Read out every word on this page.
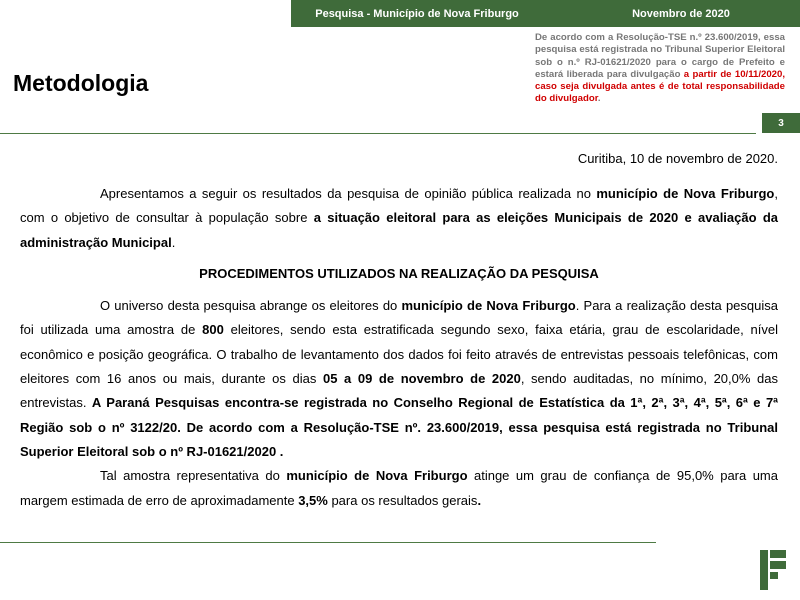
Pesquisa - Município de Nova Friburgo	Novembro de 2020
Metodologia
De acordo com a Resolução-TSE n.º 23.600/2019, essa pesquisa está registrada no Tribunal Superior Eleitoral sob o n.º RJ-01621/2020 para o cargo de Prefeito e estará liberada para divulgação a partir de 10/11/2020, caso seja divulgada antes é de total responsabilidade do divulgador.
3
Curitiba, 10 de novembro de 2020.

Apresentamos a seguir os resultados da pesquisa de opinião pública realizada no município de Nova Friburgo, com o objetivo de consultar à população sobre a situação eleitoral para as eleições Municipais de 2020 e avaliação da administração Municipal.

PROCEDIMENTOS UTILIZADOS NA REALIZAÇÃO DA PESQUISA

O universo desta pesquisa abrange os eleitores do município de Nova Friburgo. Para a realização desta pesquisa foi utilizada uma amostra de 800 eleitores, sendo esta estratificada segundo sexo, faixa etária, grau de escolaridade, nível econômico e posição geográfica. O trabalho de levantamento dos dados foi feito através de entrevistas pessoais telefônicas, com eleitores com 16 anos ou mais, durante os dias 05 a 09 de novembro de 2020, sendo auditadas, no mínimo, 20,0% das entrevistas. A Paraná Pesquisas encontra-se registrada no Conselho Regional de Estatística da 1ª, 2ª, 3ª, 4ª, 5ª, 6ª e 7ª Região sob o nº 3122/20. De acordo com a Resolução-TSE nº. 23.600/2019, essa pesquisa está registrada no Tribunal Superior Eleitoral sob o nº RJ-01621/2020 .

Tal amostra representativa do município de Nova Friburgo atinge um grau de confiança de 95,0% para uma margem estimada de erro de aproximadamente 3,5% para os resultados gerais.
